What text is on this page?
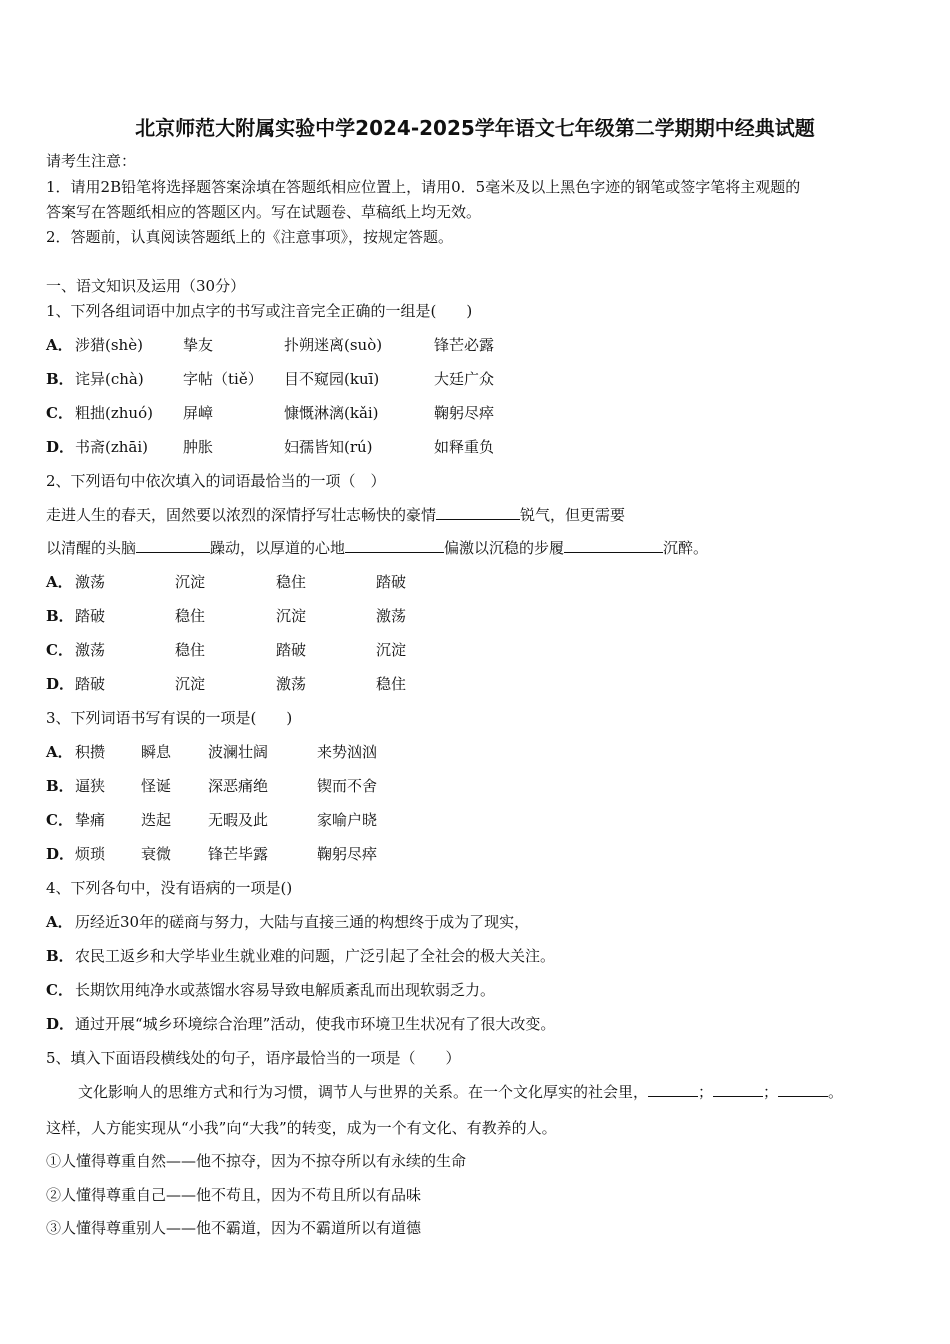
北京师范大附属实验中学2024-2025学年语文七年级第二学期期中经典试题
请考生注意：
1．请用2B铅笔将选择题答案涂填在答题纸相应位置上，请用0．5毫米及以上黑色字迹的钢笔或签字笔将主观题的
答案写在答题纸相应的答题区内。写在试题卷、草稿纸上均无效。
2．答题前，认真阅读答题纸上的《注意事项》，按规定答题。
一、语文知识及运用（30分）
1、下列各组词语中加点字的书写或注音完全正确的一组是(　　)
A． 涉猎(shè)	挚友	扑朔迷离(suò)	锋芒必露
B． 诧异(chà)	字帖（tiě） 目不窥园(kuī)	大廷广众
C． 粗拙(zhuó) 屏嶂	慷慨淋漓(kǎi)	鞠躬尽瘁
D． 书斋(zhāi) 肿胀	妇孺皆知(rú)	如释重负
2、下列语句中依次填入的词语最恰当的一项（　）
走进人生的春天，固然要以浓烈的深情抒写壮志畅快的豪情	锐气，但更需要
以清醒的头脑	躁动，以厚道的心地	偏激以沉稳的步履	沉醉。
A． 激荡	沉淀	稳住	踏破
B． 踏破	稳住	沉淀	激荡
C． 激荡	稳住	踏破	沉淀
D． 踏破	沉淀	激荡	稳住
3、下列词语书写有误的一项是(　　)
A． 积攒 瞬息 波澜壮阔	来势汹汹
B． 逼狭 怪诞 深恶痛绝	锲而不舍
C． 挚痛 迭起 无暇及此	家喻户晓
D． 烦琐 衰微 锋芒毕露	鞠躬尽瘁
4、下列各句中，没有语病的一项是()
A． 历经近30年的磋商与努力，大陆与直接三通的构想终于成为了现实，
B． 农民工返乡和大学毕业生就业难的问题，广泛引起了全社会的极大关注。
C． 长期饮用纯净水或蒸馏水容易导致电解质紊乱而出现软弱乏力。
D． 通过开展“城乡环境综合治理”活动，使我市环境卫生状况有了很大改变。
5、填入下面语段横线处的句子，语序最恰当的一项是（　　）
文化影响人的思维方式和行为习惯，调节人与世界的关系。在一个文化厚实的社会里，	；	；	。
这样，人方能实现从“小我”向“大我”的转变，成为一个有文化、有教养的人。
①人懂得尊重自然——他不掠夺，因为不掠夺所以有永续的生命
②人懂得尊重自己——他不苟且，因为不苟且所以有品味
③人懂得尊重别人——他不霸道，因为不霸道所以有道德
